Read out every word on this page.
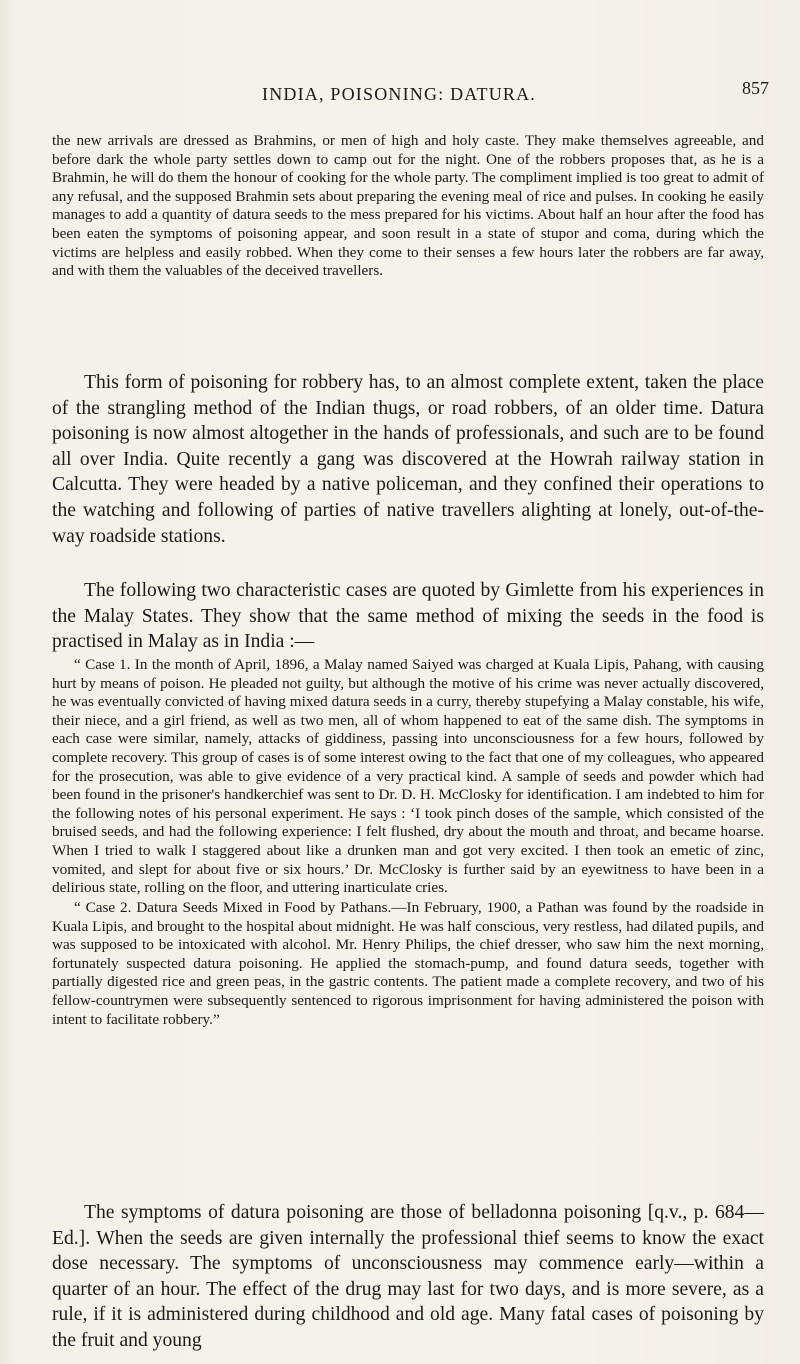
INDIA, POISONING: DATURA.	857

the new arrivals are dressed as Brahmins, or men of high and holy caste. They make themselves agreeable, and before dark the whole party settles down to camp out for the night. One of the robbers proposes that, as he is a Brahmin, he will do them the honour of cooking for the whole party. The compliment implied is too great to admit of any refusal, and the supposed Brahmin sets about preparing the evening meal of rice and pulses. In cooking he easily manages to add a quantity of datura seeds to the mess prepared for his victims. About half an hour after the food has been eaten the symptoms of poisoning appear, and soon result in a state of stupor and coma, during which the victims are helpless and easily robbed. When they come to their senses a few hours later the robbers are far away, and with them the valuables of the deceived travellers.

This form of poisoning for robbery has, to an almost complete extent, taken the place of the strangling method of the Indian thugs, or road robbers, of an older time. Datura poisoning is now almost altogether in the hands of professionals, and such are to be found all over India. Quite recently a gang was discovered at the Howrah railway station in Calcutta. They were headed by a native policeman, and they confined their operations to the watching and following of parties of native travellers alighting at lonely, out-of-the-way roadside stations.

The following two characteristic cases are quoted by Gimlette from his experiences in the Malay States. They show that the same method of mixing the seeds in the food is practised in Malay as in India :—

“ Case 1. In the month of April, 1896, a Malay named Saiyed was charged at Kuala Lipis, Pahang, with causing hurt by means of poison. He pleaded not guilty, but although the motive of his crime was never actually discovered, he was eventually convicted of having mixed datura seeds in a curry, thereby stupefying a Malay constable, his wife, their niece, and a girl friend, as well as two men, all of whom happened to eat of the same dish. The symptoms in each case were similar, namely, attacks of giddiness, passing into unconsciousness for a few hours, followed by complete recovery. This group of cases is of some interest owing to the fact that one of my colleagues, who appeared for the prosecution, was able to give evidence of a very practical kind. A sample of seeds and powder which had been found in the prisoner's handkerchief was sent to Dr. D. H. McClosky for identification. I am indebted to him for the following notes of his personal experiment. He says : ‘I took pinch doses of the sample, which consisted of the bruised seeds, and had the following experience: I felt flushed, dry about the mouth and throat, and became hoarse. When I tried to walk I staggered about like a drunken man and got very excited. I then took an emetic of zinc, vomited, and slept for about five or six hours.’ Dr. McClosky is further said by an eyewitness to have been in a delirious state, rolling on the floor, and uttering inarticulate cries.

“ Case 2. Datura Seeds Mixed in Food by Pathans.—In February, 1900, a Pathan was found by the roadside in Kuala Lipis, and brought to the hospital about midnight. He was half conscious, very restless, had dilated pupils, and was supposed to be intoxicated with alcohol. Mr. Henry Philips, the chief dresser, who saw him the next morning, fortunately suspected datura poisoning. He applied the stomach-pump, and found datura seeds, together with partially digested rice and green peas, in the gastric contents. The patient made a complete recovery, and two of his fellow-countrymen were subsequently sentenced to rigorous imprisonment for having administered the poison with intent to facilitate robbery.”

The symptoms of datura poisoning are those of belladonna poisoning [q.v., p. 684—Ed.]. When the seeds are given internally the professional thief seems to know the exact dose necessary. The symptoms of unconsciousness may commence early—within a quarter of an hour. The effect of the drug may last for two days, and is more severe, as a rule, if it is administered during childhood and old age. Many fatal cases of poisoning by the fruit and young
